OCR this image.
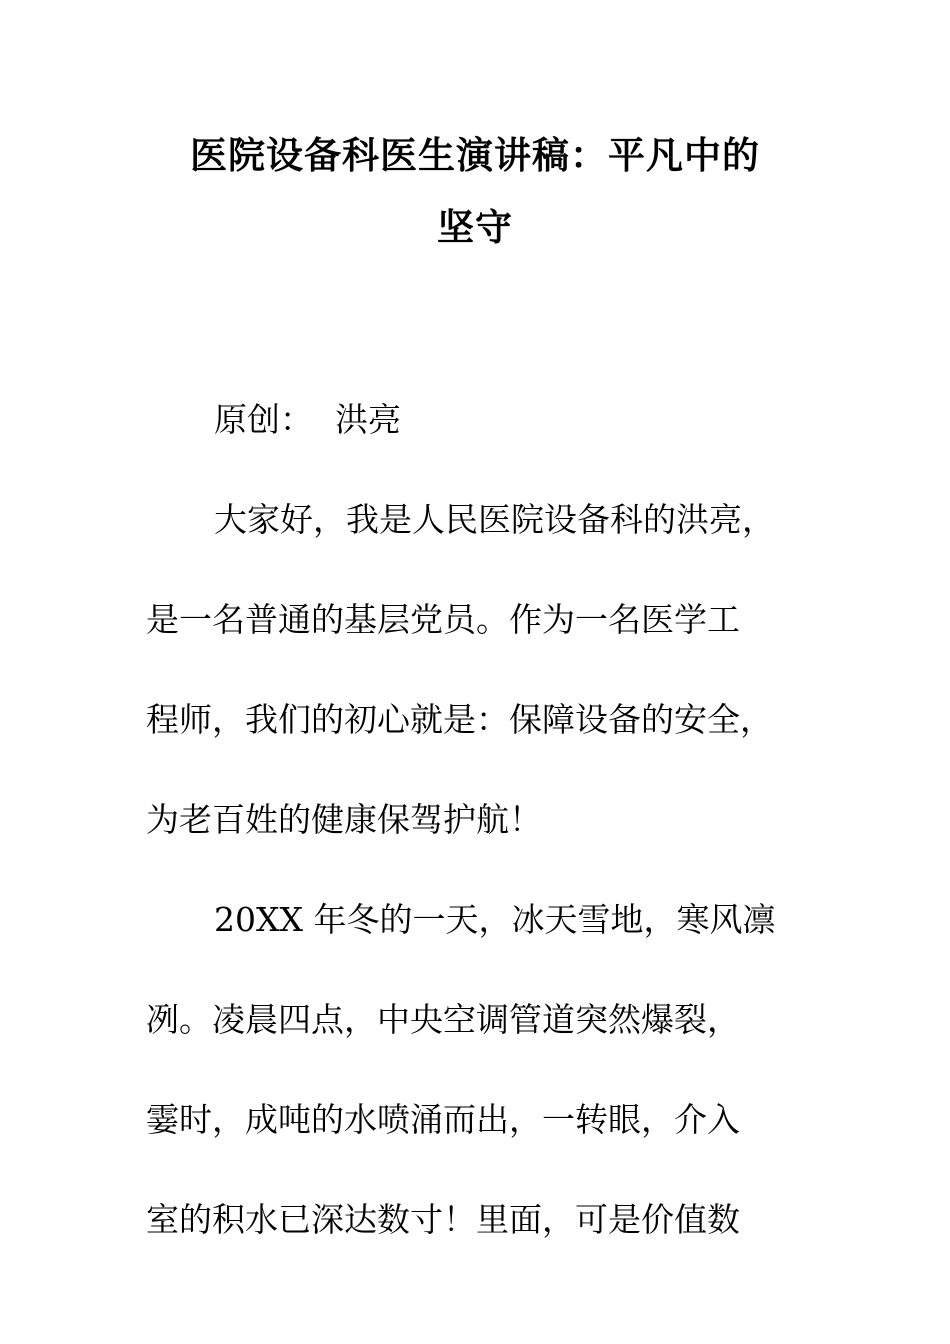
医院设备科医生演讲稿：平凡中的
坚守
原创： 洪亮
大家好，我是人民医院设备科的洪亮，
是一名普通的基层党员。作为一名医学工
程师，我们的初心就是：保障设备的安全，
为老百姓的健康保驾护航！
20XX 年冬的一天，冰天雪地，寒风凛
冽。凌晨四点，中央空调管道突然爆裂，
霎时，成吨的水喷涌而出，一转眼，介入
室的积水已深达数寸！里面，可是价值数
